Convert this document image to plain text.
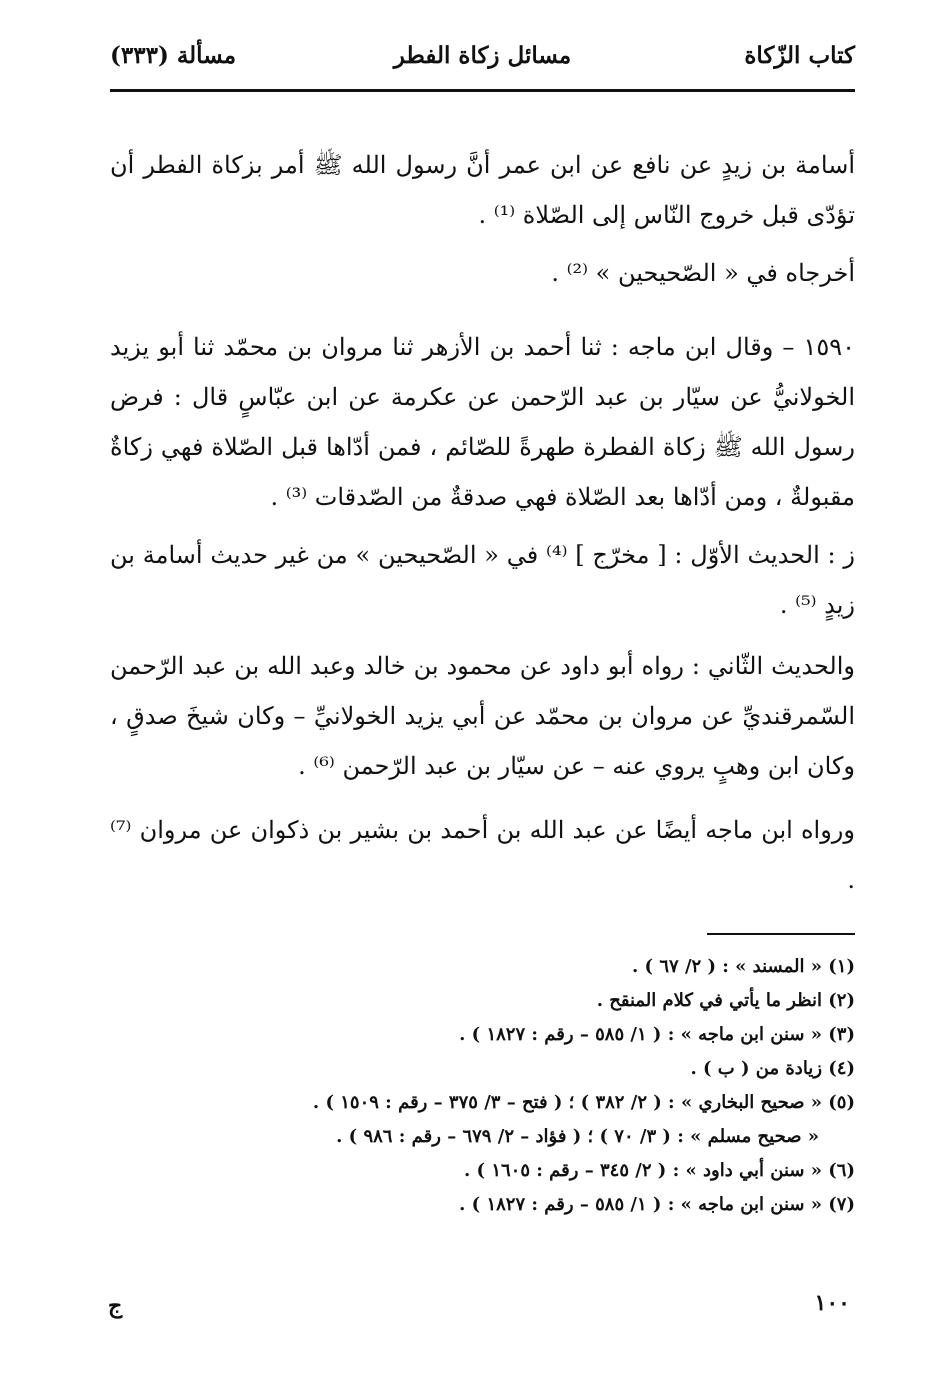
كتاب الزّكاة
مسائل زكاة الفطر
مسألة (٣٣٣)

أسامة بن زيدٍ عن نافع عن ابن عمر أنَّ رسول الله ﷺ أمر بزكاة الفطر أن تؤدّى قبل خروج النّاس إلى الصّلاة ⁽¹⁾ .

أخرجاه في « الصّحيحين » ⁽²⁾ .

١٥٩٠ – وقال ابن ماجه : ثنا أحمد بن الأزهر ثنا مروان بن محمّد ثنا أبو يزيد الخولانيُّ عن سيّار بن عبد الرّحمن عن عكرمة عن ابن عبّاسٍ قال : فرض رسول الله ﷺ زكاة الفطرة طهرةً للصّائم ، فمن أدّاها قبل الصّلاة فهي زكاةٌ مقبولةٌ ، ومن أدّاها بعد الصّلاة فهي صدقةٌ من الصّدقات ⁽³⁾ .

ز : الحديث الأوّل : [ مخرّج ] ⁽⁴⁾ في « الصّحيحين » من غير حديث أسامة بن زيدٍ ⁽⁵⁾ .

والحديث الثّاني : رواه أبو داود عن محمود بن خالد وعبد الله بن عبد الرّحمن السّمرقنديِّ عن مروان بن محمّد عن أبي يزيد الخولانيِّ – وكان شيخَ صدقٍ ، وكان ابن وهبٍ يروي عنه – عن سيّار بن عبد الرّحمن ⁽⁶⁾ .

ورواه ابن ماجه أيضًا عن عبد الله بن أحمد بن بشير بن ذكوان عن مروان ⁽⁷⁾ .

(١) « المسند » : ( ٢/ ٦٧ ) .
(٢) انظر ما يأتي في كلام المنقح .
(٣) « سنن ابن ماجه » : ( ١/ ٥٨٥ – رقم : ١٨٢٧ ) .
(٤) زيادة من ( ب ) .
(٥) « صحيح البخاري » : ( ٢/ ٣٨٢ ) ؛ ( فتح – ٣/ ٣٧٥ – رقم : ١٥٠٩ ) .
« صحيح مسلم » : ( ٣/ ٧٠ ) ؛ ( فؤاد – ٢/ ٦٧٩ – رقم : ٩٨٦ ) .
(٦) « سنن أبي داود » : ( ٢/ ٣٤٥ – رقم : ١٦٠٥ ) .
(٧) « سنن ابن ماجه » : ( ١/ ٥٨٥ – رقم : ١٨٢٧ ) .
١٠٠
ج
